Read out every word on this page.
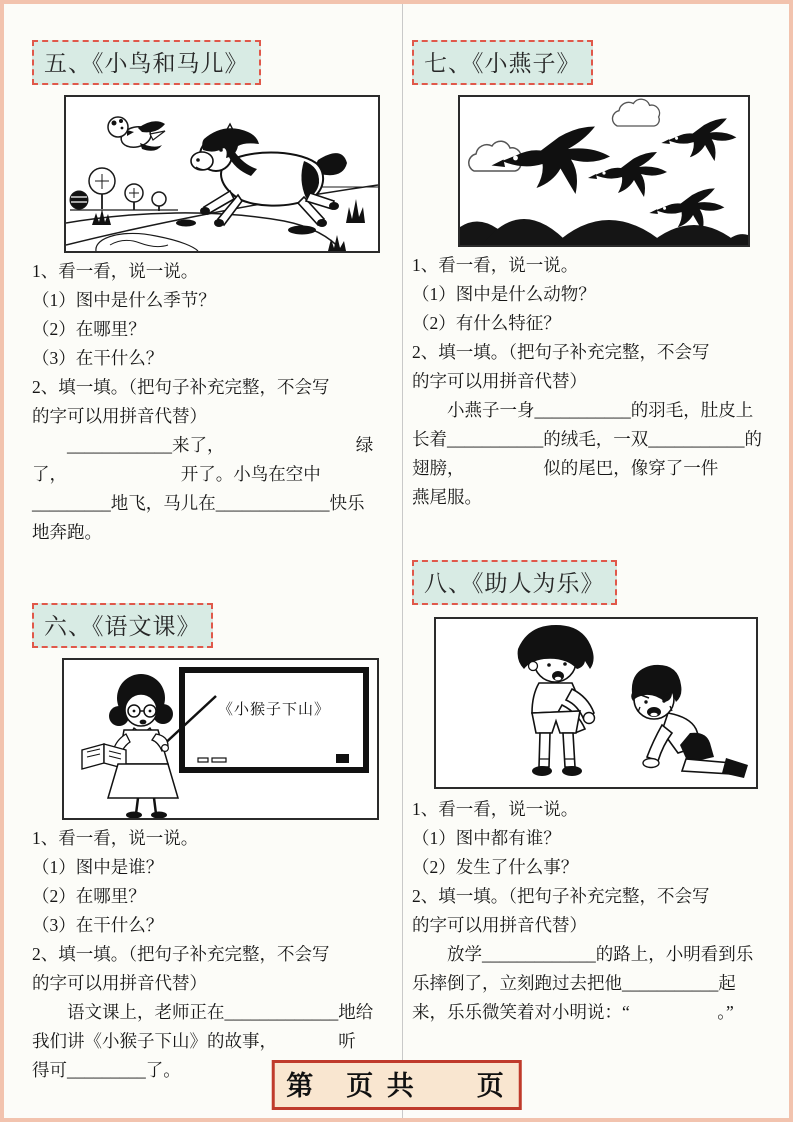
五、《小鸟和马儿》
1、看一看，说一说。
（1）图中是什么季节？
（2）在哪里？
（3）在干什么？
2、填一填。（把句子补充完整，不会写
的字可以用拼音代替）
　　____________来了，　　　　　　　　绿
了，　　　　　　　开了。小鸟在空中
_________地飞，马儿在_____________快乐
地奔跑。
六、《语文课》
《小猴子下山》
1、看一看，说一说。
（1）图中是谁？
（2）在哪里？
（3）在干什么？
2、填一填。（把句子补充完整，不会写
的字可以用拼音代替）
　　语文课上，老师正在_____________地给
我们讲《小猴子下山》的故事，　　　　听
得可_________了。
七、《小燕子》
1、看一看，说一说。
（1）图中是什么动物？
（2）有什么特征？
2、填一填。（把句子补充完整，不会写
的字可以用拼音代替）
　　小燕子一身___________的羽毛，肚皮上
长着___________的绒毛，一双___________的
翅膀，　　　　　似的尾巴，像穿了一件
燕尾服。
八、《助人为乐》
1、看一看，说一说。
（1）图中都有谁？
（2）发生了什么事？
2、填一填。（把句子补充完整，不会写
的字可以用拼音代替）
　　放学_____________的路上，小明看到乐
乐摔倒了，立刻跑过去把他___________起
来，乐乐微笑着对小明说：“　　　　　。”
第　页 共　　页
